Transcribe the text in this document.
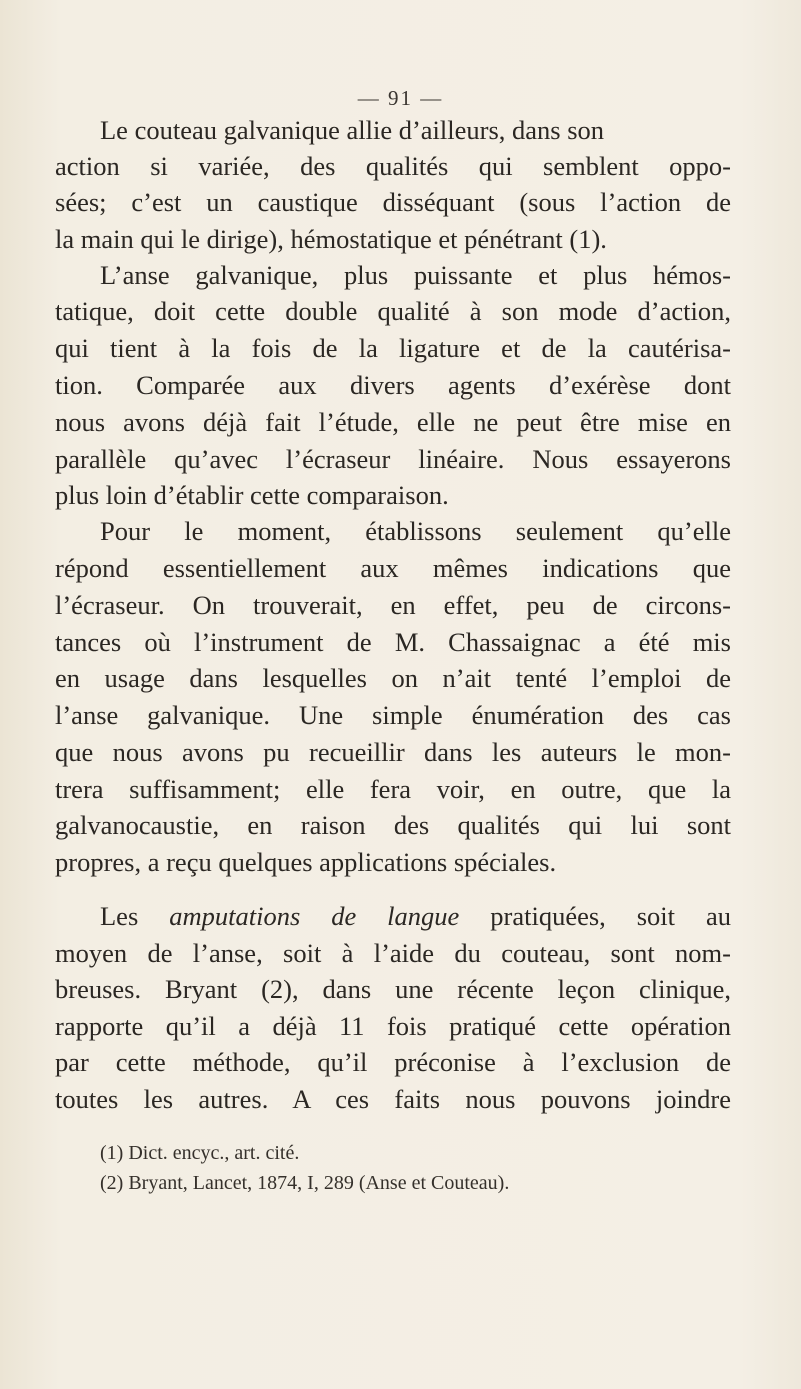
— 91 —
Le couteau galvanique allie d’ailleurs, dans son
action si variée, des qualités qui semblent oppo-
sées; c’est un caustique disséquant (sous l’action de
la main qui le dirige), hémostatique et pénétrant (1).
L’anse galvanique, plus puissante et plus hémos-
tatique, doit cette double qualité à son mode d’action,
qui tient à la fois de la ligature et de la cautérisa-
tion. Comparée aux divers agents d’exérèse dont
nous avons déjà fait l’étude, elle ne peut être mise en
parallèle qu’avec l’écraseur linéaire. Nous essayerons
plus loin d’établir cette comparaison.
Pour le moment, établissons seulement qu’elle
répond essentiellement aux mêmes indications que
l’écraseur. On trouverait, en effet, peu de circons-
tances où l’instrument de M. Chassaignac a été mis
en usage dans lesquelles on n’ait tenté l’emploi de
l’anse galvanique. Une simple énumération des cas
que nous avons pu recueillir dans les auteurs le mon-
trera suffisamment; elle fera voir, en outre, que la
galvanocaustie, en raison des qualités qui lui sont
propres, a reçu quelques applications spéciales.
Les amputations de langue pratiquées, soit au
moyen de l’anse, soit à l’aide du couteau, sont nom-
breuses. Bryant (2), dans une récente leçon clinique,
rapporte qu’il a déjà 11 fois pratiqué cette opération
par cette méthode, qu’il préconise à l’exclusion de
toutes les autres. A ces faits nous pouvons joindre
(1) Dict. encyc., art. cité.
(2) Bryant, Lancet, 1874, I, 289 (Anse et Couteau).
